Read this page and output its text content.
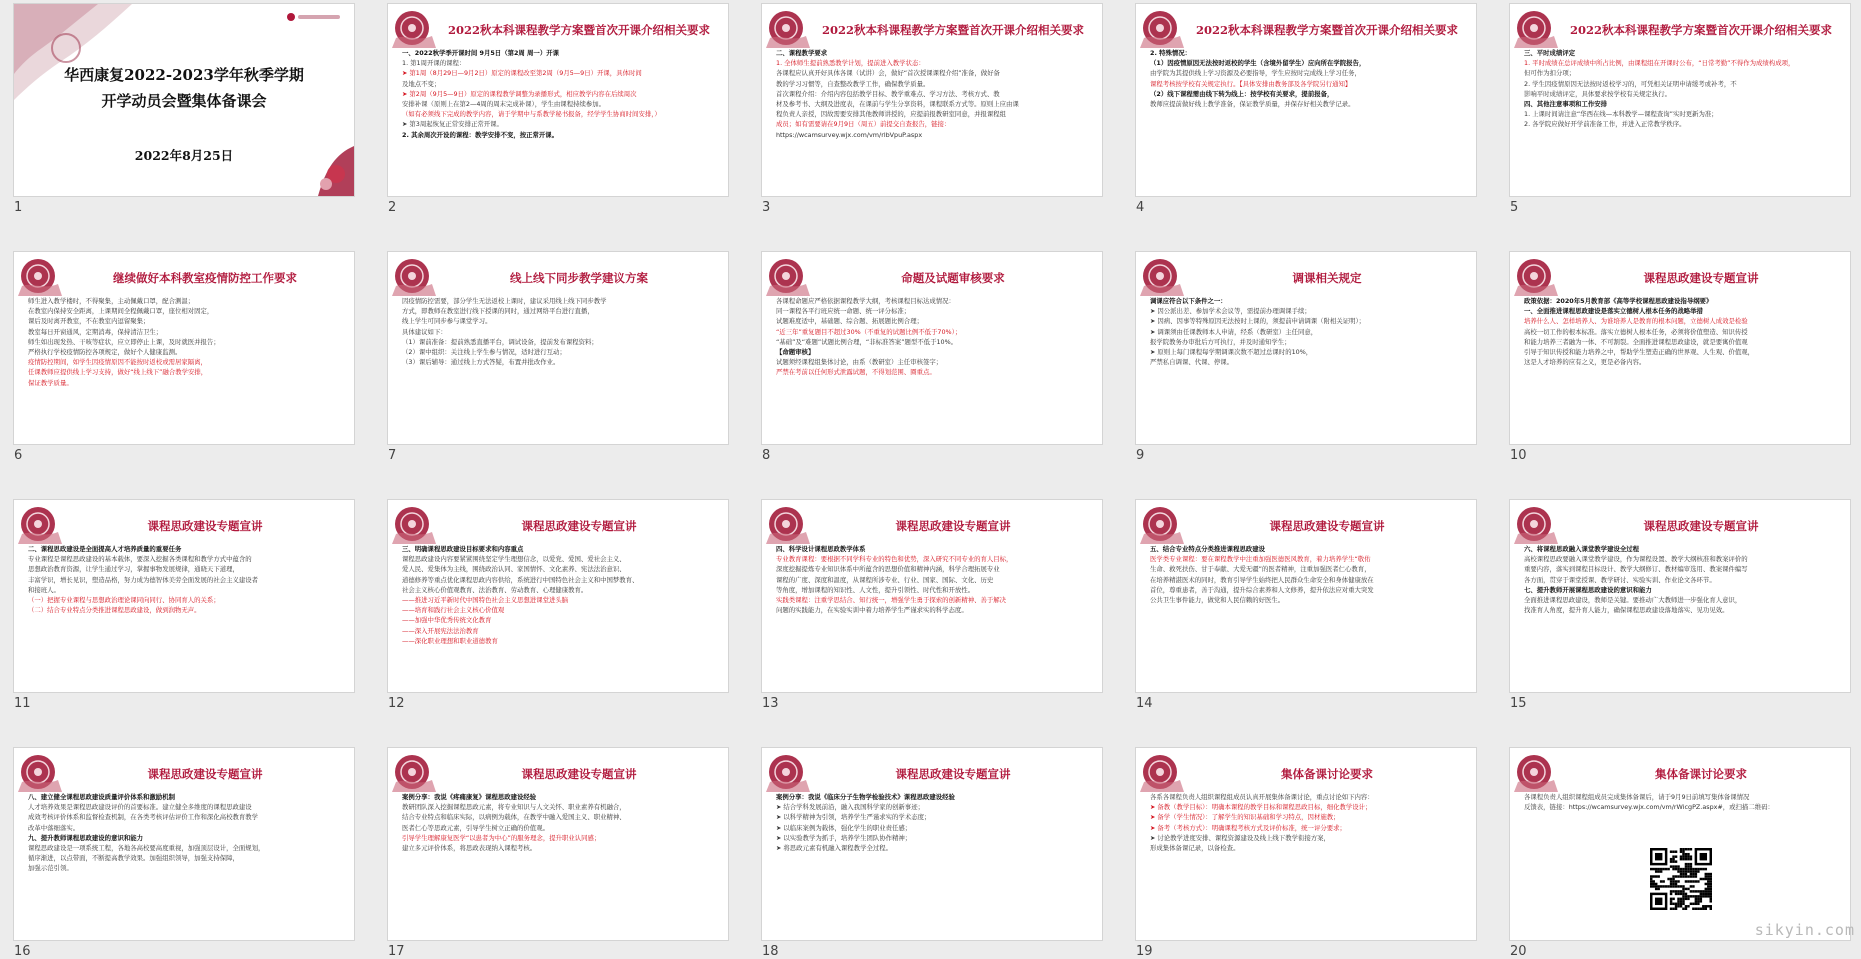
华西康复2022-2023学年秋季学期
开学动员会暨集体备课会
2022年8月25日
1
2022秋本科课程教学方案暨首次开课介绍相关要求
一、2022秋学季开课时间 9月5日（第2周 周一）开课
1. 第1周开课的课程：
➤ 第1周（8月29日—9月2日）原定的课程改至第2周（9月5—9日）开课，具体时间
及地点不变；
➤ 第2周（9月5—9日）原定的课程教学调整为录播形式，相应教学内容在后续周次
安排补课（原则上在第2—4周的周末完成补课），学生由课程持续参加。
（如有必须线下完成的教学内容，请于学期中与系教学秘书报备，经学学生协商时间安排，）
➤ 第3周起恢复正常安排正常开课。
2. 其余周次开设的课程：教学安排不变，按正常开课。
2
2022秋本科课程教学方案暨首次开课介绍相关要求
二、课程教学要求
1. 全体师生提前熟悉教学计划，提前进入教学状态：
各课程应认真开好具体各课（试讲）会，做好“首次授课课程介绍”准备，做好备
教的学习习惯等，自查整改教学工作，确保教学质量。
首次课程介绍：介绍内容包括教学目标、教学重难点、学习方法、考核方式、教
材及参考书、大纲及进度表，在课前与学生分享资料，课程联系方式等。原则上应由课
程负责人亲授，因故需要安排其他教师讲授的，应提前报教研室同意，并报课程组
成员；如有需要请在9月9日（周五）前提交自查报告，链接：
https://wcamsurvey.wjx.com/vm/rlbVpuP.aspx
3
2022秋本科课程教学方案暨首次开课介绍相关要求
2. 特殊情况：
（1）因疫情原因无法按时返校的学生（含境外留学生）应向所在学院报告，
由学院为其提供线上学习资源及必要指导，学生应按时完成线上学习任务，
课程考核按学校有关规定执行。【具体安排由教务部及各学院另行通知】
（2）线下课程需由线下转为线上：按学校有关要求，提前报备，
教师应提前做好线上教学准备，保证教学质量，并保存好相关教学记录。
4
2022秋本科课程教学方案暨首次开课介绍相关要求
三、平时成绩评定
1. 平时成绩在总评成绩中所占比例，由课程组在开课时公布，“日常考勤”不得作为成绩构成项，
但可作为扣分项；
2. 学生因疫情原因无法按时返校学习的，可凭相关证明申请缓考或补考，不
影响平时成绩评定，具体要求按学校有关规定执行。
四、其他注意事项和工作安排
1. 上课时间请注意“华西在线—本科教学—课程查询”实时更新为准；
2. 各学院应做好开学前准备工作，并进入正常教学秩序。
5
继续做好本科教室疫情防控工作要求
师生进入教学楼时，不得聚集，主动佩戴口罩，配合测温；
在教室内保持安全距离，上课期间全程佩戴口罩，座位相对固定，
课后及时离开教室，不在教室内逗留聚集；
教室每日开窗通风，定期消毒，保持清洁卫生；
师生如出现发热、干咳等症状，应立即停止上课，及时就医并报告；
严格执行学校疫情防控各项规定，做好个人健康监测。
疫情防控期间，如学生因疫情原因不能按时返校或需居家隔离，
任课教师应提供线上学习支持，做好“线上线下”融合教学安排，
保证教学质量。
6
线上线下同步教学建议方案
因疫情防控需要，部分学生无法返校上课时，建议采用线上线下同步教学
方式，即教师在教室进行线下授课的同时，通过网络平台进行直播，
线上学生可同步参与课堂学习。
具体建议如下：
（1）课前准备：提前熟悉直播平台，调试设备，提前发布课程资料；
（2）课中组织：关注线上学生参与情况，适时进行互动；
（3）课后辅导：通过线上方式答疑，布置并批改作业。
7
命题及试题审核要求
各课程命题应严格依据课程教学大纲，考核课程目标达成情况：
同一课程各平行班应统一命题、统一评分标准；
试题难度适中，基础题、综合题、拓展题比例合理；
“近三年”重复题目不超过30%（不重复的试题比例不低于70%）；
“基础”及“难题”试题比例合理，“非标准答案”题型不低于10%。
【命题审核】
试题须经课程组集体讨论，由系（教研室）主任审核签字；
严禁在考前以任何形式泄露试题，不得划范围、圈重点。
8
调课相关规定
调课应符合以下条件之一：
➤ 因公派出差、参加学术会议等，需提前办理调课手续；
➤ 因病、因事等特殊原因无法按时上课的，须提前申请调课（附相关证明）；
➤ 调课须由任课教师本人申请，经系（教研室）主任同意，
报学院教务办审批后方可执行，并及时通知学生；
➤ 原则上每门课程每学期调课次数不超过总课时的10%，
严禁私自调课、代课、停课。
9
课程思政建设专题宣讲
政策依据：2020年5月教育部《高等学校课程思政建设指导纲要》
一、全面推进课程思政建设是落实立德树人根本任务的战略举措
培养什么人、怎样培养人、为谁培养人是教育的根本问题，立德树人成效是检验
高校一切工作的根本标准。落实立德树人根本任务，必须将价值塑造、知识传授
和能力培养三者融为一体、不可割裂。全面推进课程思政建设，就是要寓价值观
引导于知识传授和能力培养之中，帮助学生塑造正确的世界观、人生观、价值观，
这是人才培养的应有之义，更是必备内容。
10
课程思政建设专题宣讲
二、课程思政建设是全面提高人才培养质量的重要任务
专业课程是课程思政建设的基本载体，要深入挖掘各类课程和教学方式中蕴含的
思想政治教育资源，让学生通过学习，掌握事物发展规律，通晓天下道理，
丰富学识，增长见识，塑造品格，努力成为德智体美劳全面发展的社会主义建设者
和接班人。
（一）把握专业课程与思想政治理论课同向同行、协同育人的关系；
（二）结合专业特点分类推进课程思政建设，做到润物无声。
11
课程思政建设专题宣讲
三、明确课程思政建设目标要求和内容重点
课程思政建设内容要紧紧围绕坚定学生理想信念，以爱党、爱国、爱社会主义、
爱人民、爱集体为主线，围绕政治认同、家国情怀、文化素养、宪法法治意识、
道德修养等重点优化课程思政内容供给，系统进行中国特色社会主义和中国梦教育、
社会主义核心价值观教育、法治教育、劳动教育、心理健康教育。
——推进习近平新时代中国特色社会主义思想进课堂进头脑
——培育和践行社会主义核心价值观
——加强中华优秀传统文化教育
——深入开展宪法法治教育
——深化职业理想和职业道德教育
12
课程思政建设专题宣讲
四、科学设计课程思政教学体系
专业教育课程：要根据不同学科专业的特色和优势，深入研究不同专业的育人目标，
深度挖掘提炼专业知识体系中所蕴含的思想价值和精神内涵，科学合理拓展专业
课程的广度、深度和温度，从课程所涉专业、行业、国家、国际、文化、历史
等角度，增加课程的知识性、人文性，提升引领性、时代性和开放性。
实践类课程：注重学思结合、知行统一，增强学生勇于探索的创新精神、善于解决
问题的实践能力，在实验实训中着力培养学生严谨求实的科学态度。
13
课程思政建设专题宣讲
五、结合专业特点分类推进课程思政建设
医学类专业课程：要在课程教学中注重加强医德医风教育，着力培养学生“敬佑
生命、救死扶伤、甘于奉献、大爱无疆”的医者精神，注重加强医者仁心教育，
在培养精湛医术的同时，教育引导学生始终把人民群众生命安全和身体健康放在
首位，尊重患者，善于沟通，提升综合素养和人文修养，提升依法应对重大突发
公共卫生事件能力，做党和人民信赖的好医生。
14
课程思政建设专题宣讲
六、将课程思政融入课堂教学建设全过程
高校课程思政要融入课堂教学建设，作为课程设置、教学大纲核准和教案评价的
重要内容，落实到课程目标设计、教学大纲修订、教材编审选用、教案课件编写
各方面，贯穿于课堂授课、教学研讨、实验实训、作业论文各环节。
七、提升教师开展课程思政建设的意识和能力
全面推进课程思政建设，教师是关键。要推动广大教师进一步强化育人意识，
找准育人角度，提升育人能力，确保课程思政建设落地落实、见功见效。
15
课程思政建设专题宣讲
八、建立健全课程思政建设质量评价体系和激励机制
人才培养效果是课程思政建设评价的首要标准。建立健全多维度的课程思政建设
成效考核评价体系和监督检查机制，在各类考核评估评价工作和深化高校教育教学
改革中落细落实。
九、提升教师课程思政建设的意识和能力
课程思政建设是一项系统工程，各地各高校要高度重视，加强顶层设计，全面规划，
循序渐进，以点带面，不断提高教学效果。加强组织领导，加强支持保障，
加强示范引领。
16
课程思政建设专题宣讲
案例分享：我说《疼痛康复》课程思政建设经验
教研团队深入挖掘课程思政元素，将专业知识与人文关怀、职业素养有机融合，
结合专业特点和临床实际，以病例为载体，在教学中融入爱国主义、职业精神、
医者仁心等思政元素，引导学生树立正确的价值观。
引导学生理解康复医学“以患者为中心”的服务理念，提升职业认同感；
建立多元评价体系，将思政表现纳入课程考核。
17
课程思政建设专题宣讲
案例分享：我说《临床分子生物学检验技术》课程思政建设经验
➤ 结合学科发展前沿，融入我国科学家的创新事迹；
➤ 以科学精神为引领，培养学生严谨求实的学术态度；
➤ 以临床案例为载体，强化学生的职业责任感；
➤ 以实验教学为抓手，培养学生团队协作精神；
➤ 将思政元素有机融入课程教学全过程。
18
集体备课讨论要求
各系各课程负责人组织课程组成员认真开展集体备课讨论，重点讨论如下内容：
➤ 备教（教学目标）：明确本课程的教学目标和课程思政目标，细化教学设计；
➤ 备学（学生情况）：了解学生的知识基础和学习特点，因材施教；
➤ 备考（考核方式）：明确课程考核方式及评价标准，统一评分要求；
➤ 讨论教学进度安排、课程资源建设及线上线下教学衔接方案，
形成集体备课记录，以备检查。
19
集体备课讨论要求
各课程负责人组织课程组成员完成集体备课后，请于9月9日前填写集体备课情况
反馈表，链接：https://wcamsurvey.wjx.com/vm/rWicgPZ.aspx#，或扫描二维码：
20
sikyin.com
